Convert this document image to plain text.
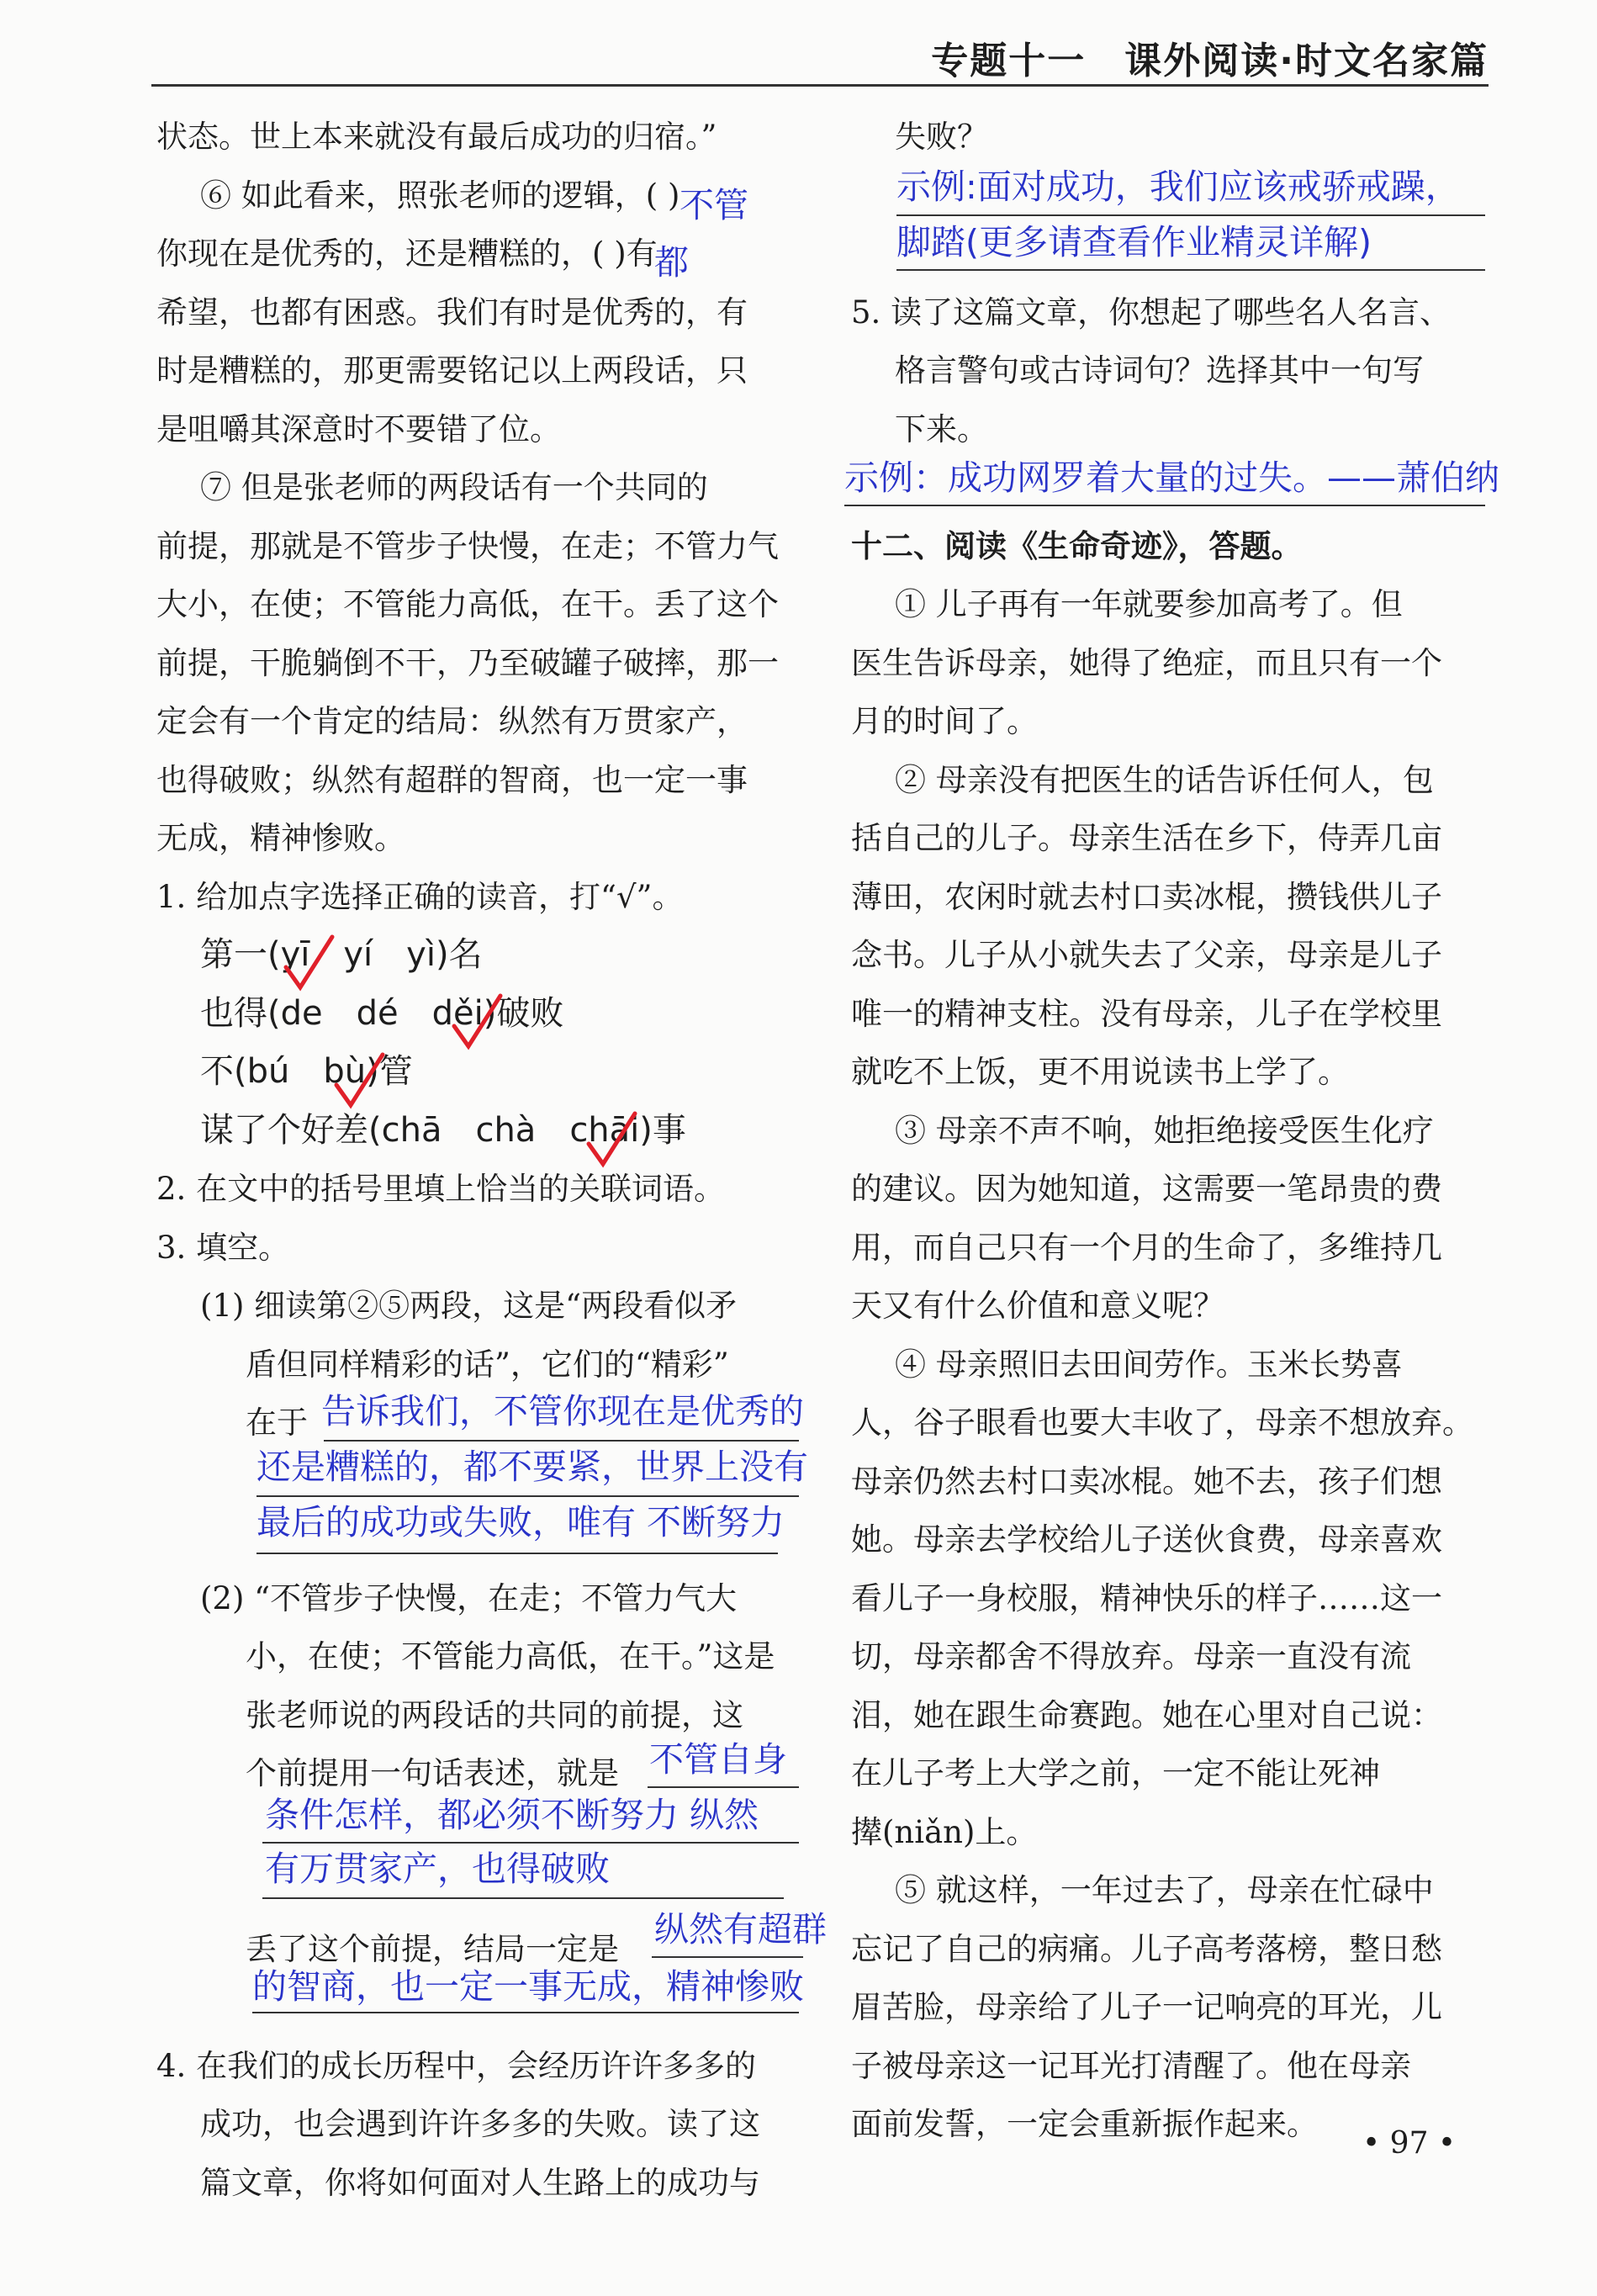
专题十一　课外阅读·时文名家篇
状态。世上本来就没有最后成功的归宿。”
⑥ 如此看来，照张老师的逻辑，( )
你现在是优秀的，还是糟糕的，( )有
希望，也都有困惑。我们有时是优秀的，有
时是糟糕的，那更需要铭记以上两段话，只
是咀嚼其深意时不要错了位。
⑦ 但是张老师的两段话有一个共同的
前提，那就是不管步子快慢，在走；不管力气
大小，在使；不管能力高低，在干。丢了这个
前提，干脆躺倒不干，乃至破罐子破摔，那一
定会有一个肯定的结局：纵然有万贯家产，
也得破败；纵然有超群的智商，也一定一事
无成，精神惨败。
1. 给加点字选择正确的读音，打“√”。
第一(yī　yí　yì)名
也得(de　dé　děi)破败
不(bú　bù)管
谋了个好差(chā　chà　chāi)事
2. 在文中的括号里填上恰当的关联词语。
3. 填空。
(1) 细读第②⑤两段，这是“两段看似矛
盾但同样精彩的话”，它们的“精彩”
在于
(2) “不管步子快慢，在走；不管力气大
小，在使；不管能力高低，在干。”这是
张老师说的两段话的共同的前提，这
个前提用一句话表述，就是
丢了这个前提，结局一定是
4. 在我们的成长历程中，会经历许许多多的
成功，也会遇到许许多多的失败。读了这
篇文章，你将如何面对人生路上的成功与
不管
都
告诉我们，不管你现在是优秀的
还是糟糕的，都不要紧，世界上没有
最后的成功或失败，唯有 不断努力
不管自身
条件怎样，都必须不断努力 纵然
有万贯家产，也得破败
纵然有超群
的智商，也一定一事无成，精神惨败
失败？
5. 读了这篇文章，你想起了哪些名人名言、
格言警句或古诗词句？选择其中一句写
下来。
十二、阅读《生命奇迹》，答题。
① 儿子再有一年就要参加高考了。但
医生告诉母亲，她得了绝症，而且只有一个
月的时间了。
② 母亲没有把医生的话告诉任何人，包
括自己的儿子。母亲生活在乡下，侍弄几亩
薄田，农闲时就去村口卖冰棍，攒钱供儿子
念书。儿子从小就失去了父亲，母亲是儿子
唯一的精神支柱。没有母亲，儿子在学校里
就吃不上饭，更不用说读书上学了。
③ 母亲不声不响，她拒绝接受医生化疗
的建议。因为她知道，这需要一笔昂贵的费
用，而自己只有一个月的生命了，多维持几
天又有什么价值和意义呢？
④ 母亲照旧去田间劳作。玉米长势喜
人，谷子眼看也要大丰收了，母亲不想放弃。
母亲仍然去村口卖冰棍。她不去，孩子们想
她。母亲去学校给儿子送伙食费，母亲喜欢
看儿子一身校服，精神快乐的样子……这一
切，母亲都舍不得放弃。母亲一直没有流
泪，她在跟生命赛跑。她在心里对自己说：
在儿子考上大学之前，一定不能让死神
撵(niǎn)上。
⑤ 就这样，一年过去了，母亲在忙碌中
忘记了自己的病痛。儿子高考落榜，整日愁
眉苦脸，母亲给了儿子一记响亮的耳光，儿
子被母亲这一记耳光打清醒了。他在母亲
面前发誓，一定会重新振作起来。
示例:面对成功，我们应该戒骄戒躁，
脚踏(更多请查看作业精灵详解)
示例：成功网罗着大量的过失。——萧伯纳
• 97 •
